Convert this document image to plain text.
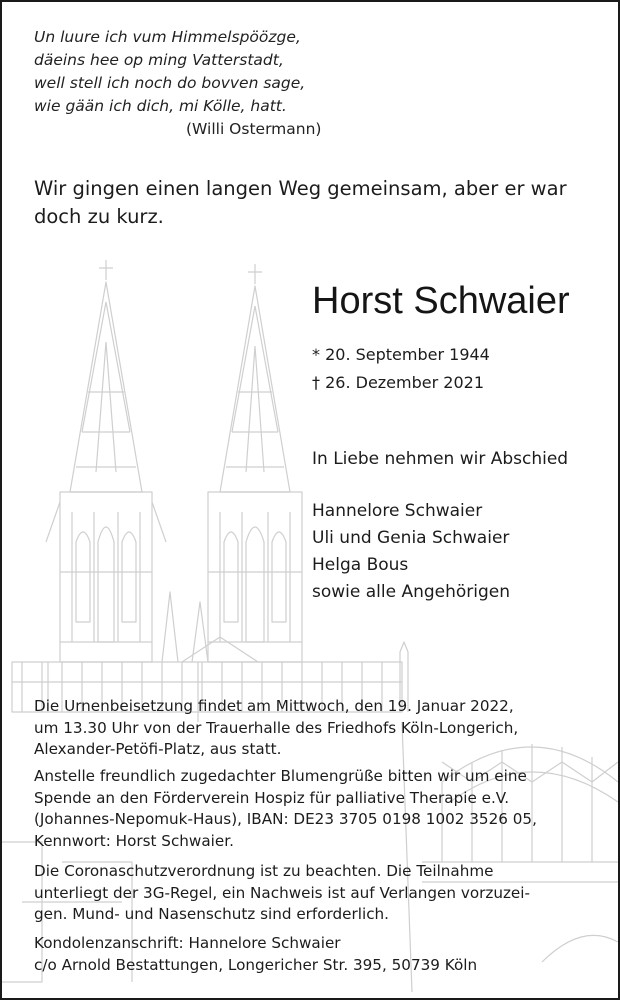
Un luure ich vum Himmelspöözge,
däeins hee op ming Vatterstadt,
well stell ich noch do bovven sage,
wie gään ich dich, mi Kölle, hatt.
(Willi Ostermann)
Wir gingen einen langen Weg gemeinsam, aber er war doch zu kurz.
Horst Schwaier
* 20. September 1944
† 26. Dezember 2021
In Liebe nehmen wir Abschied
Hannelore Schwaier
Uli und Genia Schwaier
Helga Bous
sowie alle Angehörigen
Die Urnenbeisetzung findet am Mittwoch, den 19. Januar 2022,
um 13.30 Uhr von der Trauerhalle des Friedhofs Köln-Longerich,
Alexander-Petöfi-Platz, aus statt.
Anstelle freundlich zugedachter Blumengrüße bitten wir um eine
Spende an den Förderverein Hospiz für palliative Therapie e.V.
(Johannes-Nepomuk-Haus), IBAN: DE23 3705 0198 1002 3526 05,
Kennwort: Horst Schwaier.
Die Coronaschutzverordnung ist zu beachten. Die Teilnahme
unterliegt der 3G-Regel, ein Nachweis ist auf Verlangen vorzuzei-
gen. Mund- und Nasenschutz sind erforderlich.
Kondolenzanschrift: Hannelore Schwaier
c/o Arnold Bestattungen, Longericher Str. 395, 50739 Köln
